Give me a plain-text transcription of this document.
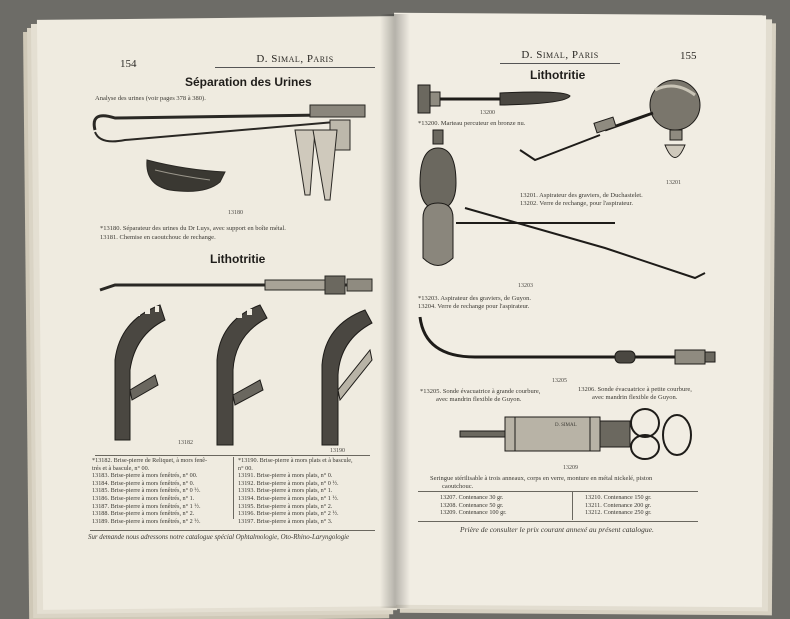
154	D. Simal, Paris
Séparation des Urines
Analyse des urines (voir pages 378 à 380).
13180
*13180. Séparateur des urines du Dr Luys, avec support en boîte métal.
13181. Chemise en caoutchouc de rechange.
Lithotritie
13182
13190
*13182. Brise-pierre de Reliquet, à mors fenê-
trés et à bascule, n° 00.
13183. Brise-pierre à mors fenêtrés, n° 00.
13184. Brise-pierre à mors fenêtrés, n° 0.
13185. Brise-pierre à mors fenêtrés, n° 0 ½.
13186. Brise-pierre à mors fenêtrés, n° 1.
13187. Brise-pierre à mors fenêtrés, n° 1 ½.
13188. Brise-pierre à mors fenêtrés, n° 2.
*13190. Brise-pierre à mors plats et à bascule,
n° 00.
13191. Brise-pierre à mors plats, n° 0.
13192. Brise-pierre à mors plats, n° 0 ½.
13193. Brise-pierre à mors plats, n° 1.
13194. Brise-pierre à mors plats, n° 1 ½.
13195. Brise-pierre à mors plats, n° 2.
13196. Brise-pierre à mors plats, n° 2 ½.
13189. Brise-pierre à mors fenêtrés, n° 2 ½.	13197. Brise-pierre à mors plats, n° 3.
Sur demande nous adressons notre catalogue spécial Ophtalmologie, Oto-Rhino-Laryngologie
D. Simal, Paris	155
Lithotritie
13200
*13200. Marteau percuteur en bronze nu.
13201
13201. Aspirateur des graviers, de Duchastelet.
13202. Verre de rechange, pour l'aspirateur.
13203
*13203. Aspirateur des graviers, de Guyon.
13204. Verre de rechange pour l'aspirateur.
13205
*13205. Sonde évacuatrice à grande courbure,
avec mandrin flexible de Guyon.
13206. Sonde évacuatrice à petite courbure,
avec mandrin flexible de Guyon.
D. SIMAL
13209
Seringue stérilisable à trois anneaux, corps en verre, monture en métal nickelé, piston
caoutchouc.
13207. Contenance 30 gr.
13208. Contenance 50 gr.
13209. Contenance 100 gr.
13210. Contenance 150 gr.
13211. Contenance 200 gr.
13212. Contenance 250 gr.
Prière de consulter le prix courant annexé au présent catalogue.
